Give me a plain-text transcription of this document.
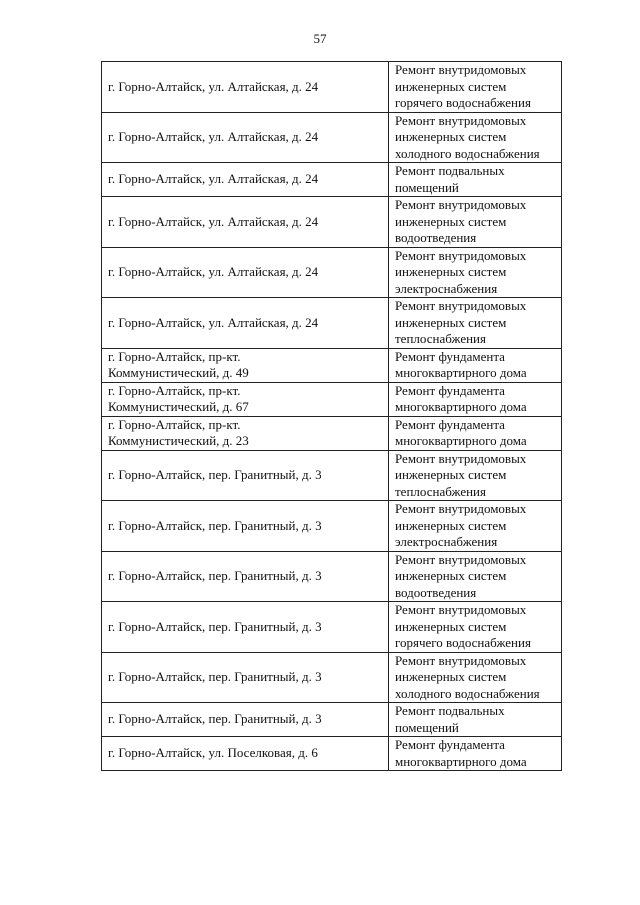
57
г. Горно-Алтайск, ул. Алтайская, д. 24	Ремонт внутридомовых
инженерных систем
горячего водоснабжения

г. Горно-Алтайск, ул. Алтайская, д. 24	Ремонт внутридомовых
инженерных систем
холодного водоснабжения

г. Горно-Алтайск, ул. Алтайская, д. 24	Ремонт подвальных
помещений

г. Горно-Алтайск, ул. Алтайская, д. 24	Ремонт внутридомовых
инженерных систем
водоотведения

г. Горно-Алтайск, ул. Алтайская, д. 24	Ремонт внутридомовых
инженерных систем
электроснабжения

г. Горно-Алтайск, ул. Алтайская, д. 24	Ремонт внутридомовых
инженерных систем
теплоснабжения

г. Горно-Алтайск, пр-кт.
Коммунистический, д. 49	Ремонт фундамента
многоквартирного дома

г. Горно-Алтайск, пр-кт.
Коммунистический, д. 67	Ремонт фундамента
многоквартирного дома

г. Горно-Алтайск, пр-кт.
Коммунистический, д. 23	Ремонт фундамента
многоквартирного дома

г. Горно-Алтайск, пер. Гранитный, д. 3	Ремонт внутридомовых
инженерных систем
теплоснабжения

г. Горно-Алтайск, пер. Гранитный, д. 3	Ремонт внутридомовых
инженерных систем
электроснабжения

г. Горно-Алтайск, пер. Гранитный, д. 3	Ремонт внутридомовых
инженерных систем
водоотведения

г. Горно-Алтайск, пер. Гранитный, д. 3	Ремонт внутридомовых
инженерных систем
горячего водоснабжения

г. Горно-Алтайск, пер. Гранитный, д. 3	Ремонт внутридомовых
инженерных систем
холодного водоснабжения

г. Горно-Алтайск, пер. Гранитный, д. 3	Ремонт подвальных
помещений

г. Горно-Алтайск, ул. Поселковая, д. 6	Ремонт фундамента
многоквартирного дома
